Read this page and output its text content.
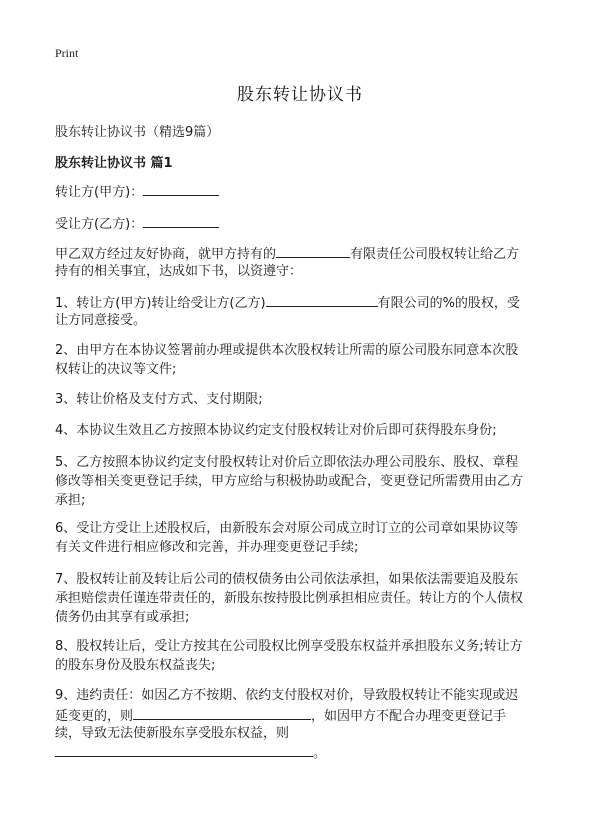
Print
股东转让协议书
股东转让协议书（精选9篇）
股东转让协议书 篇1
转让方(甲方)：
受让方(乙方)：
甲乙双方经过友好协商，就甲方持有的	有限责任公司股权转让给乙方
持有的相关事宜，达成如下书，以资遵守：
1、转让方(甲方)转让给受让方(乙方)	有限公司的%的股权，受
让方同意接受。
2、由甲方在本协议签署前办理或提供本次股权转让所需的原公司股东同意本次股
权转让的决议等文件;
3、转让价格及支付方式、支付期限;
4、本协议生效且乙方按照本协议约定支付股权转让对价后即可获得股东身份;
5、乙方按照本协议约定支付股权转让对价后立即依法办理公司股东、股权、章程
修改等相关变更登记手续，甲方应给与积极协助或配合，变更登记所需费用由乙方
承担;
6、受让方受让上述股权后，由新股东会对原公司成立时订立的公司章如果协议等
有关文件进行相应修改和完善，并办理变更登记手续;
7、股权转让前及转让后公司的债权债务由公司依法承担，如果依法需要追及股东
承担赔偿责任谨连带责任的，新股东按持股比例承担相应责任。转让方的个人债权
债务仍由其享有或承担;
8、股权转让后，受让方按其在公司股权比例享受股东权益并承担股东义务;转让方
的股东身份及股东权益丧失;
9、违约责任：如因乙方不按期、依约支付股权对价，导致股权转让不能实现或迟
延变更的，则	，如因甲方不配合办理变更登记手
续，导致无法使新股东享受股东权益，则
。
